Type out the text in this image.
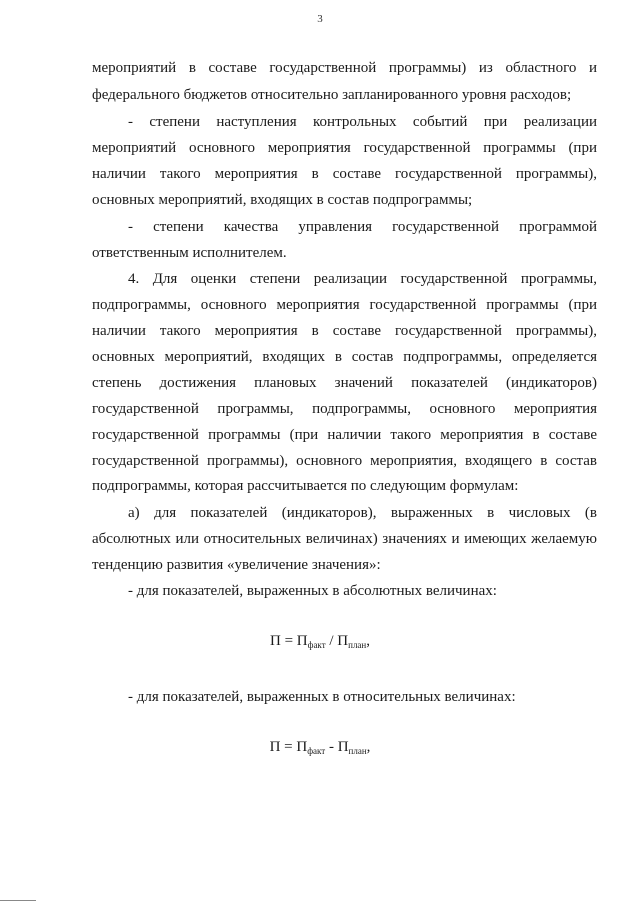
3
мероприятий в составе государственной программы) из областного и
федерального бюджетов относительно запланированного уровня расходов;
- степени наступления контрольных событий при реализации
мероприятий основного мероприятия государственной программы (при
наличии такого мероприятия в составе государственной программы),
основных мероприятий, входящих в состав подпрограммы;
- степени качества управления государственной программой
ответственным исполнителем.
4. Для оценки степени реализации государственной программы,
подпрограммы, основного мероприятия государственной программы (при
наличии такого мероприятия в составе государственной программы),
основных мероприятий, входящих в состав подпрограммы, определяется
степень достижения плановых значений показателей (индикаторов)
государственной программы, подпрограммы, основного мероприятия
государственной программы (при наличии такого мероприятия в составе
государственной программы), основного мероприятия, входящего в состав
подпрограммы, которая рассчитывается по следующим формулам:
а) для показателей (индикаторов), выраженных в числовых (в
абсолютных или относительных величинах) значениях и имеющих желаемую
тенденцию развития «увеличение значения»:
- для показателей, выраженных в абсолютных величинах:
$П = П_{факт} / П_{план}$,
- для показателей, выраженных в относительных величинах:
$П = П_{факт} - П_{план}$,
